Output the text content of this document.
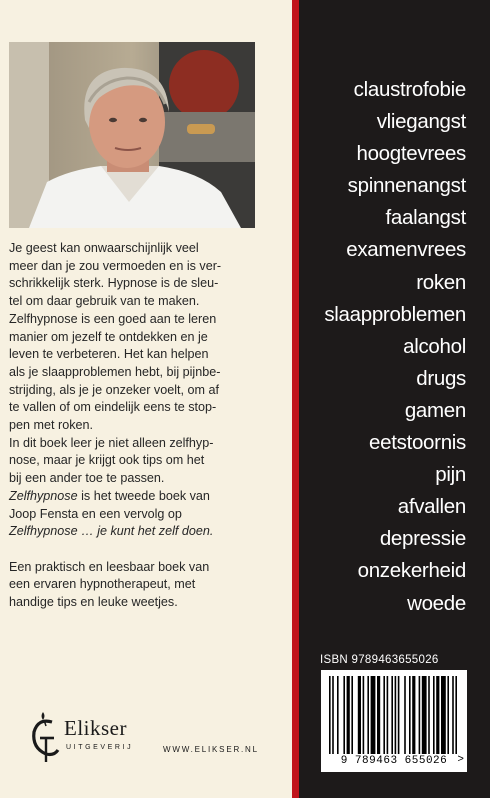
Je geest kan onwaarschijnlijk veel

meer dan je zou vermoeden en is ver-

schrikkelijk sterk. Hypnose is de sleu-

tel om daar gebruik van te maken.

Zelfhypnose is een goed aan te leren

manier om jezelf te ontdekken en je

leven te verbeteren. Het kan helpen

als je slaapproblemen hebt, bij pijnbe-

strijding, als je je onzeker voelt, om af

te vallen of om eindelijk eens te stop-

pen met roken.

In dit boek leer je niet alleen zelfhyp-

nose, maar je krijgt ook tips om het

bij een ander toe te passen.

Zelfhypnose is het tweede boek van

Joop Fensta en een vervolg op

Zelfhypnose … je kunt het zelf doen.

Een praktisch en leesbaar boek van

een ervaren hypnotherapeut, met

handige tips en leuke weetjes.

Elikser
UITGEVERIJ	WWW.ELIKSER.NL
claustrofobie
vliegangst
hoogtevrees
spinnenangst
faalangst
examenvrees
roken
slaapproblemen
alcohol
drugs
gamen
eetstoornis
pijn
afvallen
depressie
onzekerheid
woede
ISBN 9789463655026
9 789463 655026 >
